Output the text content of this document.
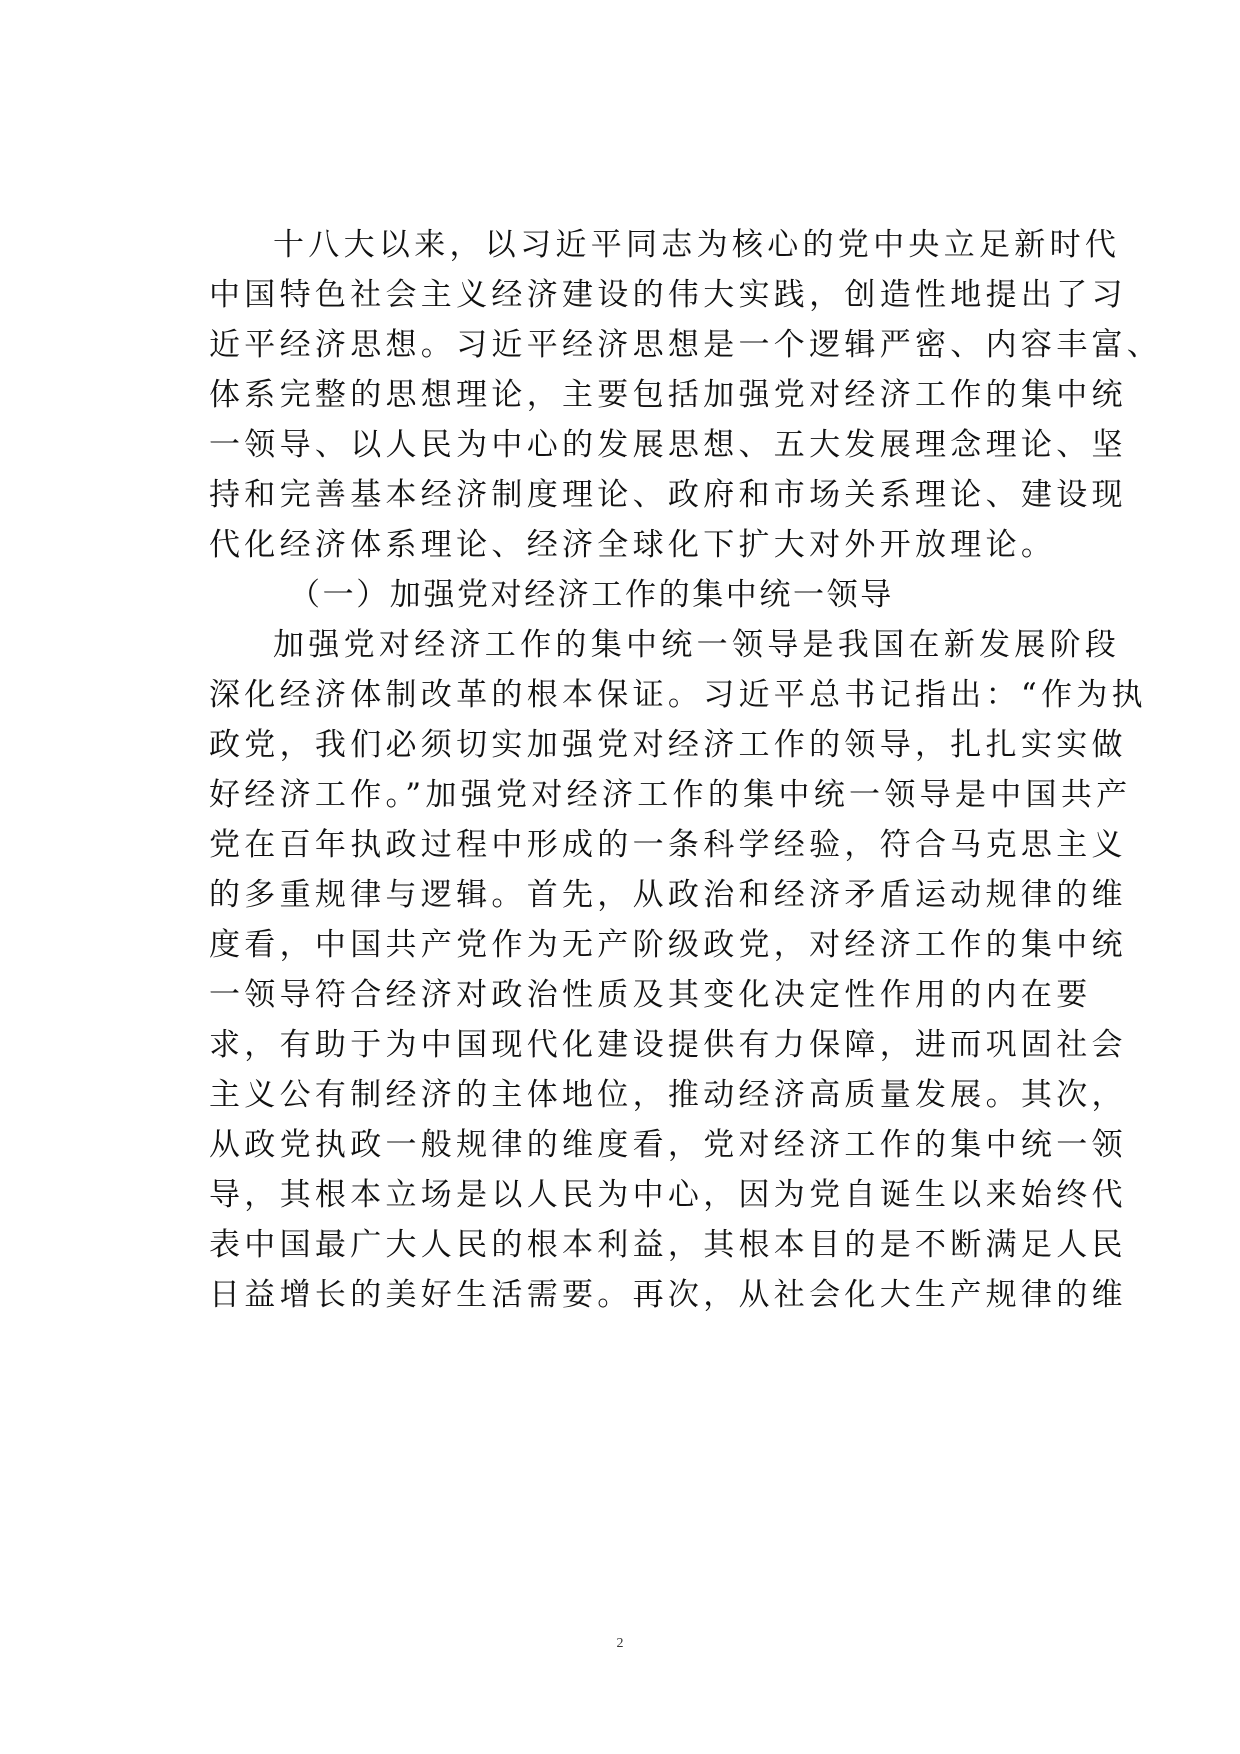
十八大以来，以习近平同志为核心的党中央立足新时代
中国特色社会主义经济建设的伟大实践，创造性地提出了习
近平经济思想。习近平经济思想是一个逻辑严密、内容丰富、
体系完整的思想理论，主要包括加强党对经济工作的集中统
一领导、以人民为中心的发展思想、五大发展理念理论、坚
持和完善基本经济制度理论、政府和市场关系理论、建设现
代化经济体系理论、经济全球化下扩大对外开放理论。
（一）加强党对经济工作的集中统一领导
加强党对经济工作的集中统一领导是我国在新发展阶段
深化经济体制改革的根本保证。习近平总书记指出：“作为执
政党，我们必须切实加强党对经济工作的领导，扎扎实实做
好经济工作。”加强党对经济工作的集中统一领导是中国共产
党在百年执政过程中形成的一条科学经验，符合马克思主义
的多重规律与逻辑。首先，从政治和经济矛盾运动规律的维
度看，中国共产党作为无产阶级政党，对经济工作的集中统
一领导符合经济对政治性质及其变化决定性作用的内在要
求，有助于为中国现代化建设提供有力保障，进而巩固社会
主义公有制经济的主体地位，推动经济高质量发展。其次，
从政党执政一般规律的维度看，党对经济工作的集中统一领
导，其根本立场是以人民为中心，因为党自诞生以来始终代
表中国最广大人民的根本利益，其根本目的是不断满足人民
日益增长的美好生活需要。再次，从社会化大生产规律的维
2
